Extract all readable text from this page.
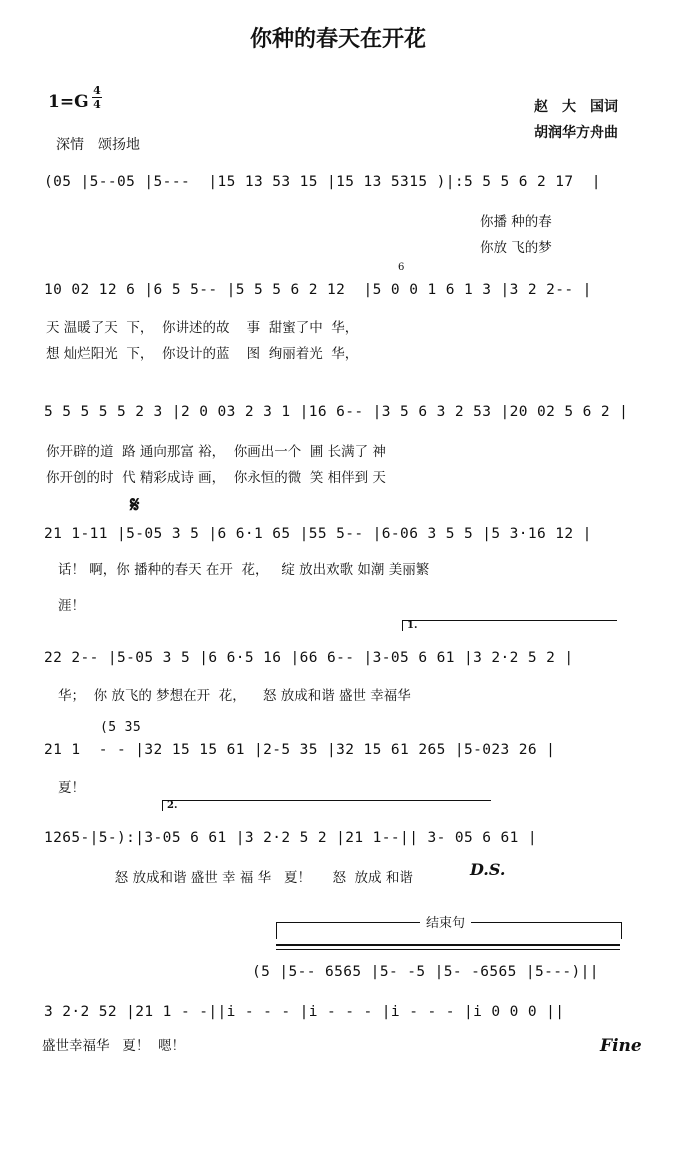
你种的春天在开花
1=G
4
4	赵　大　国词
胡润华方舟曲
深情　颂扬地
(05 |5--05 |5---  |15 13 53 15 |15 13 5315 )|:5 5 5 6 2 17  |
你播 种的春
你放 飞的梦
6
10 02 12 6 |6 5 5-- |5 5 5 6 2 12  |5 0 0 1 6 1 3 |3 2 2-- |
天 温暖了天  下，  你讲述的故    事  甜蜜了中  华，
想 灿烂阳光  下，  你设计的蓝    图  绚丽着光  华，
5 5 5 5 5 2 3 |2 0 03 2 3 1 |16 6-- |3 5 6 3 2 53 |20 02 5 6 2 |
你开辟的道  路 通向那富 裕，  你画出一个  圃 长满了 神
你开创的时  代 精彩成诗 画，  你永恒的微  笑 相伴到 天
𝄋
21 1-11 |5-05 3 5 |6 6·1 65 |55 5-- |6-06 3 5 5 |5 3·16 12 |
话！ 啊，你 播种的春天 在开  花，   绽 放出欢歌 如潮 美丽繁
涯！
1.
22 2-- |5-05 3 5 |6 6·5 16 |66 6-- |3-05 6 61 |3 2·2 5 2 |
华；  你 放飞的 梦想在开  花，    怒 放成和谐 盛世 幸福华
(5 35
21 1  - - |32 15 15 61 |2-5 35 |32 15 61 265 |5-023 26 |
夏！
2.
1265-|5-):|3-05 6 61 |3 2·2 5 2 |21 1--|| 3- 05 6 61 |
怒 放成和谐 盛世 幸 福 华   夏！     怒  放成 和谐	D.S.
结束句
(5 |5-- 6565 |5- -5 |5- -6565 |5---)||
3 2·2 52 |21 1 - -||i - - - |i - - - |i - - - |i 0 0 0 ||
盛世幸福华   夏！  嗯！	Fine
